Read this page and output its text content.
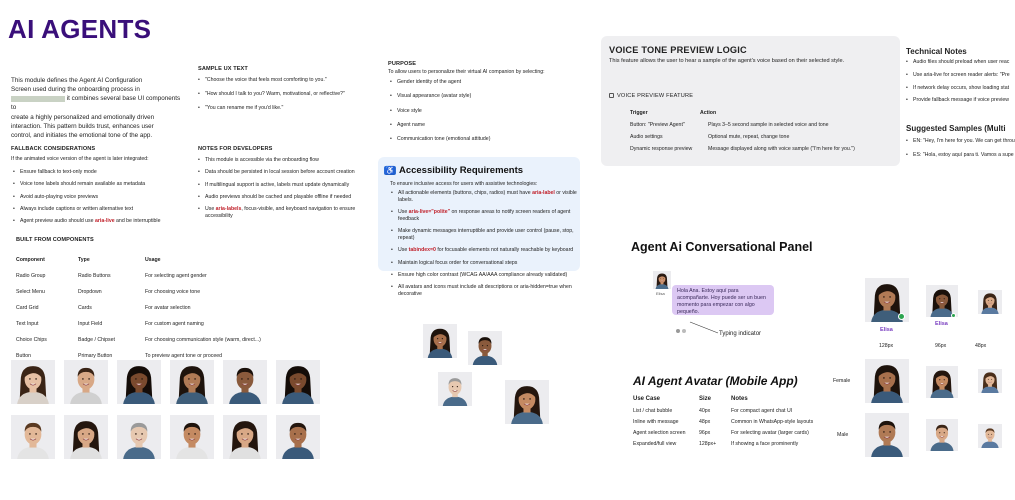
AI AGENTS
This module defines the Agent AI Configuration
Screen used during the onboarding process in
it combines several base UI components to
create a highly personalized and emotionally driven
interaction. This pattern builds trust, enhances user
control, and initiates the emotional tone of the app.
FALLBACK CONSIDERATIONS
If the animated voice version of the agent is later integrated:
• Ensure fallback to text-only mode
• Voice tone labels should remain available as metadata
• Avoid auto-playing voice previews
• Always include captions or written alternative text
• Agent preview audio should use aria-live and be interruptible
BUILT FROM COMPONENTS
Component	Type	Usage
Radio Group	Radio Buttons	For selecting agent gender
Select Menu	Dropdown	For choosing voice tone
Card Grid	Cards	For avatar selection
Text Input	Input Field	For custom agent naming
Choice Chips	Badge / Chipset	For choosing communication style (warm, direct...)
Button	Primary Button	To preview agent tone or proceed
SAMPLE UX TEXT
• "Choose the voice that feels most comforting to you."
• "How should I talk to you? Warm, motivational, or reflective?"
• "You can rename me if you'd like."
NOTES FOR DEVELOPERS
• This module is accessible via the onboarding flow
• Data should be persisted in local session before account creation
• If multilingual support is active, labels must update dynamically
• Audio previews should be cached and playable offline if needed
• Use aria-labels, focus-visible, and keyboard navigation to ensure accessibility
PURPOSE
To allow users to personalize their virtual AI companion by selecting:
• Gender identity of the agent
• Visual appearance (avatar style)
• Voice style
• Agent name
• Communication tone (emotional attitude)
♿ Accessibility Requirements
To ensure inclusive access for users with assistive technologies:
• All actionable elements (buttons, chips, radios) must have aria-label or visible labels.
• Use aria-live="polite" on response areas to notify screen readers of agent feedback
• Make dynamic messages interruptible and provide user control (pause, stop, repeat)
• Use tabindex=0 for focusable elements not naturally reachable by keyboard
• Maintain logical focus order for conversational steps
• Ensure high color contrast (WCAG AA/AAA compliance already validated)
• All avatars and icons must include alt descriptions or aria-hidden=true when decorative
VOICE TONE PREVIEW LOGIC
This feature allows the user to hear a sample of the agent's voice based on their selected style.
VOICE PREVIEW FEATURE
Trigger	Action
Button: "Preview Agent"	Plays 3–5 second sample in selected voice and tone
Audio settings	Optional mute, repeat, change tone
Dynamic response preview	Message displayed along with voice sample ("I'm here for you.")
Technical Notes
• Audio files should preload when user reac
• Use aria-live for screen reader alerts: "Pre
• If network delay occurs, show loading stat
• Provide fallback message if voice preview
Suggested Samples (Multi
• EN: "Hey, I'm here for you. We can get throu
• ES: "Hola, estoy aquí para ti. Vamos a supe
Agent Ai Conversational Panel
Elisa	Hola Ana. Estoy aquí para acompañarte. Hoy puede ser un buen momento para empezar con algo pequeño.
Typing indicator
Elisa
Elisa
128px	96px	48px
Female
Male
AI Agent Avatar (Mobile App)
Use Case	Size	Notes
List / chat bubble	40px	For compact agent chat UI
Inline with message	48px	Common in WhatsApp-style layouts
Agent selection screen	96px	For selecting avatar (larger cards)
Expanded/full view	128px+	If showing a face prominently
